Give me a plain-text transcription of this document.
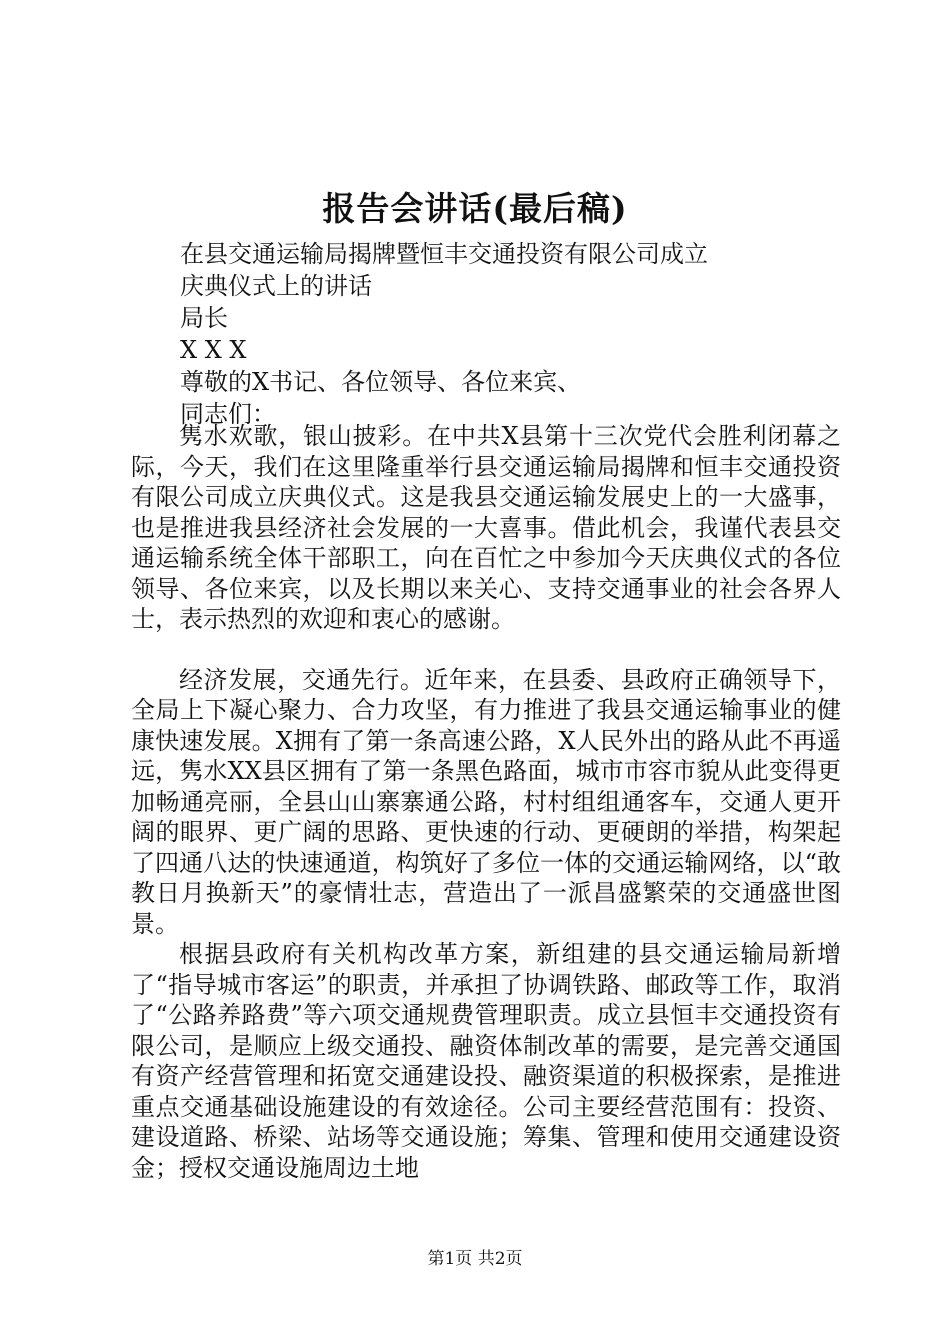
报告会讲话(最后稿)
在县交通运输局揭牌暨恒丰交通投资有限公司成立
庆典仪式上的讲话
局长
X X X
尊敬的X书记、各位领导、各位来宾、
同志们：

隽水欢歌，银山披彩。在中共X县第十三次党代会胜利闭幕之际，今天，我们在这里隆重举行县交通运输局揭牌和恒丰交通投资有限公司成立庆典仪式。这是我县交通运输发展史上的一大盛事，也是推进我县经济社会发展的一大喜事。借此机会，我谨代表县交通运输系统全体干部职工，向在百忙之中参加今天庆典仪式的各位领导、各位来宾，以及长期以来关心、支持交通事业的社会各界人士，表示热烈的欢迎和衷心的感谢。

经济发展，交通先行。近年来，在县委、县政府正确领导下，全局上下凝心聚力、合力攻坚，有力推进了我县交通运输事业的健康快速发展。X拥有了第一条高速公路，X人民外出的路从此不再遥远，隽水XX县区拥有了第一条黑色路面，城市市容市貌从此变得更加畅通亮丽，全县山山寨寨通公路，村村组组通客车，交通人更开阔的眼界、更广阔的思路、更快速的行动、更硬朗的举措，构架起了四通八达的快速通道，构筑好了多位一体的交通运输网络，以“敢教日月换新天”的豪情壮志，营造出了一派昌盛繁荣的交通盛世图景。

根据县政府有关机构改革方案，新组建的县交通运输局新增了“指导城市客运”的职责，并承担了协调铁路、邮政等工作，取消了“公路养路费”等六项交通规费管理职责。成立县恒丰交通投资有限公司，是顺应上级交通投、融资体制改革的需要，是完善交通国有资产经营管理和拓宽交通建设投、融资渠道的积极探索，是推进重点交通基础设施建设的有效途径。公司主要经营范围有：投资、建设道路、桥梁、站场等交通设施；筹集、管理和使用交通建设资金；授权交通设施周边土地

第1页 共2页
